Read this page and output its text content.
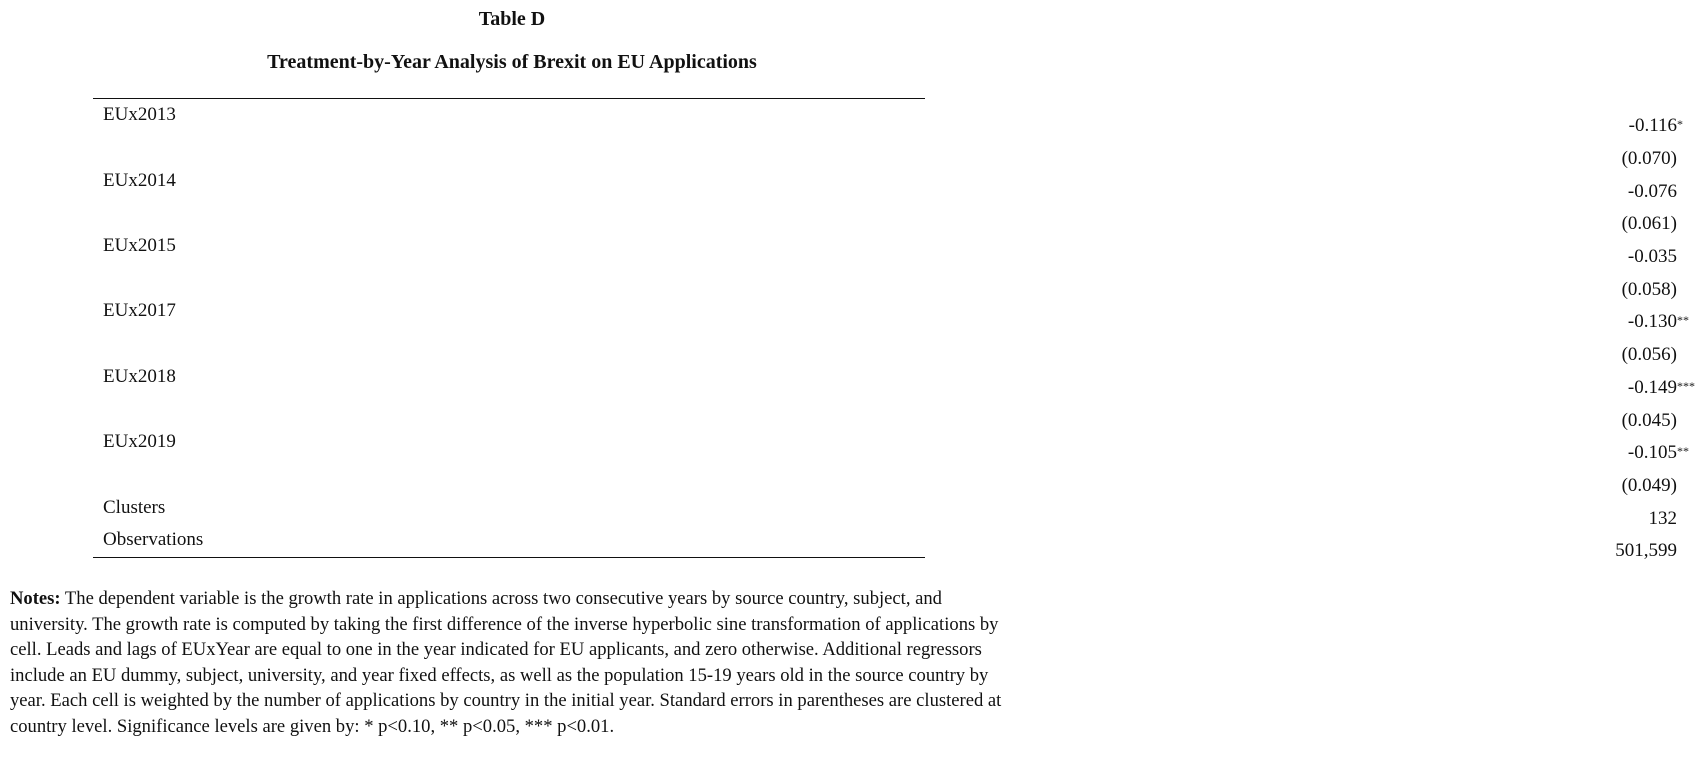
Table D
Treatment-by-Year Analysis of Brexit on EU Applications
EUx2013	-0.116*

	(0.070)

EUx2014	-0.076

	(0.061)

EUx2015	-0.035

	(0.058)

EUx2017	-0.130**

	(0.056)

EUx2018	-0.149***

	(0.045)

EUx2019	-0.105**

	(0.049)

Clusters	132

Observations	501,599
Notes: The dependent variable is the growth rate in applications across two consecutive years by source country, subject, and university. The growth rate is computed by taking the first difference of the inverse hyperbolic sine transformation of applications by cell. Leads and lags of EUxYear are equal to one in the year indicated for EU applicants, and zero otherwise. Additional regressors include an EU dummy, subject, university, and year fixed effects, as well as the population 15-19 years old in the source country by year. Each cell is weighted by the number of applications by country in the initial year. Standard errors in parentheses are clustered at country level. Significance levels are given by: * p<0.10, ** p<0.05, *** p<0.01.
